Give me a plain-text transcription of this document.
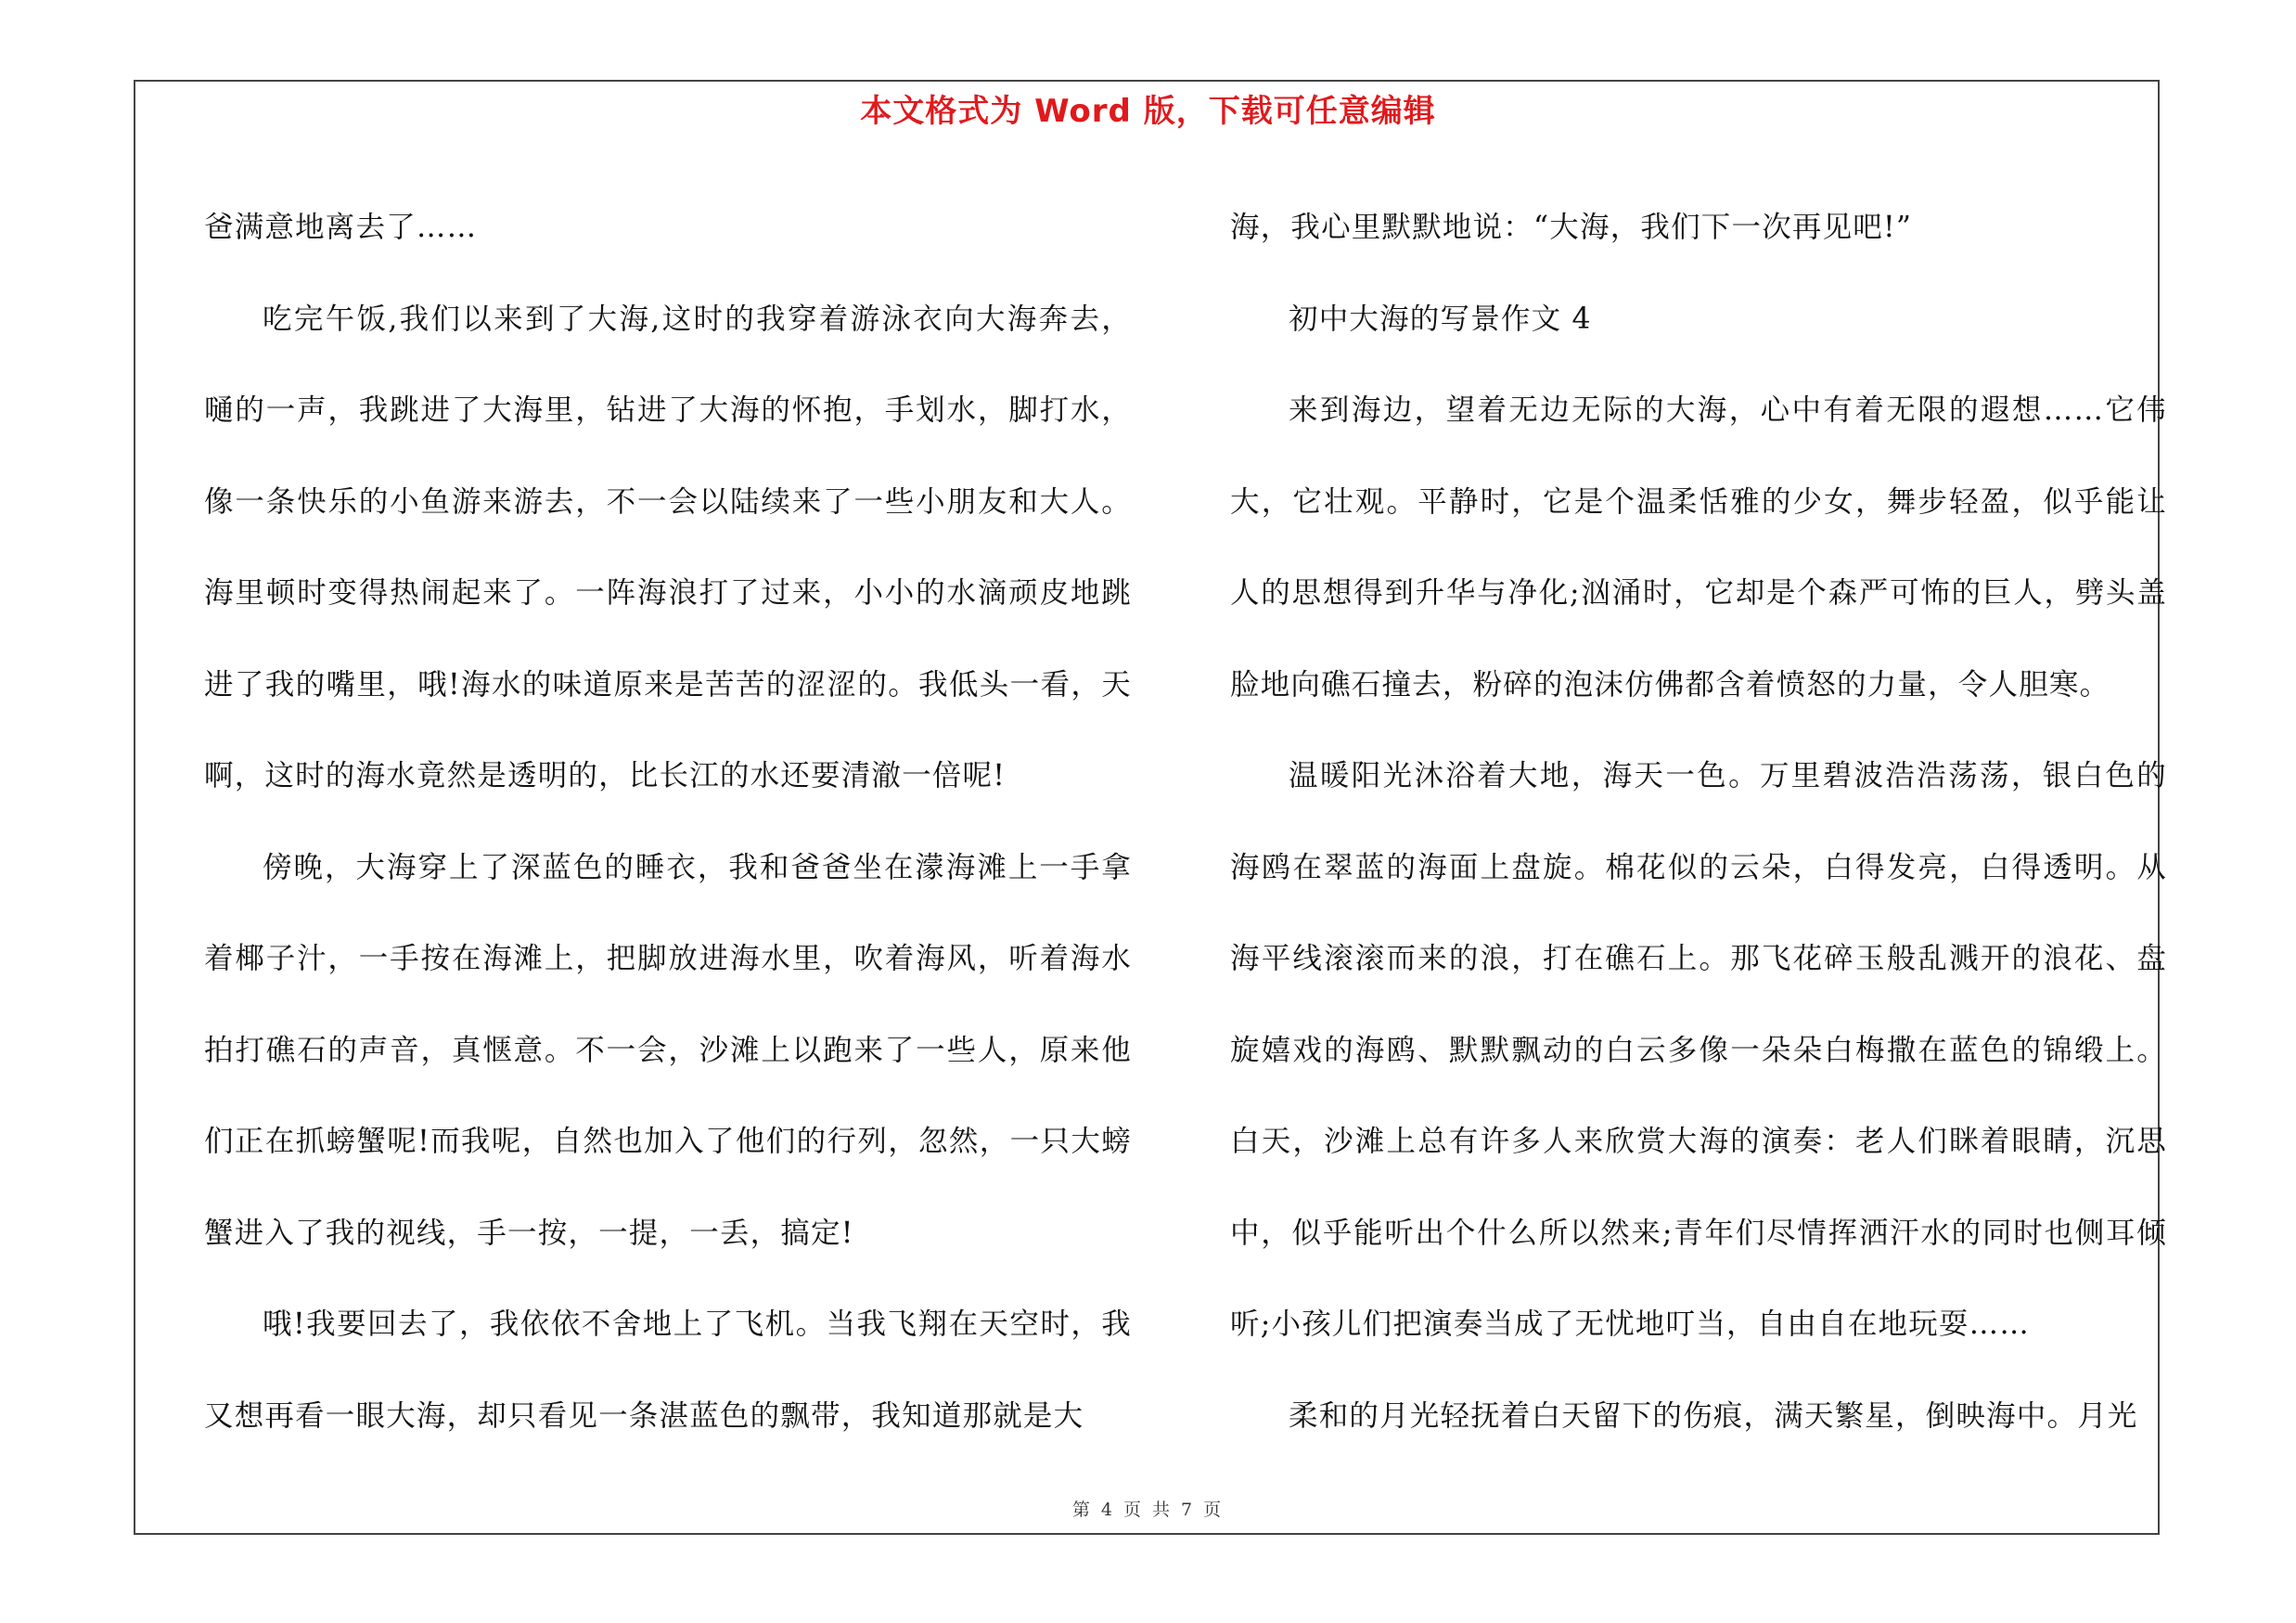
本文格式为 Word 版，下载可任意编辑

爸满意地离去了……

吃完午饭,我们以来到了大海,这时的我穿着游泳衣向大海奔去，嗵的一声，我跳进了大海里，钻进了大海的怀抱，手划水，脚打水，像一条快乐的小鱼游来游去，不一会以陆续来了一些小朋友和大人。海里顿时变得热闹起来了。一阵海浪打了过来，小小的水滴顽皮地跳进了我的嘴里，哦!海水的味道原来是苦苦的涩涩的。我低头一看，天啊，这时的海水竟然是透明的，比长江的水还要清澈一倍呢!

傍晚，大海穿上了深蓝色的睡衣，我和爸爸坐在濛海滩上一手拿着椰子汁，一手按在海滩上，把脚放进海水里，吹着海风，听着海水拍打礁石的声音，真惬意。不一会，沙滩上以跑来了一些人，原来他们正在抓螃蟹呢!而我呢，自然也加入了他们的行列，忽然，一只大螃蟹进入了我的视线，手一按，一提，一丢，搞定!

哦!我要回去了，我依依不舍地上了飞机。当我飞翔在天空时，我又想再看一眼大海，却只看见一条湛蓝色的飘带，我知道那就是大

海，我心里默默地说：“大海，我们下一次再见吧!”

初中大海的写景作文 4

来到海边，望着无边无际的大海，心中有着无限的遐想……它伟大，它壮观。平静时，它是个温柔恬雅的少女，舞步轻盈，似乎能让人的思想得到升华与净化;汹涌时，它却是个森严可怖的巨人，劈头盖脸地向礁石撞去，粉碎的泡沫仿佛都含着愤怒的力量，令人胆寒。

温暖阳光沐浴着大地，海天一色。万里碧波浩浩荡荡，银白色的海鸥在翠蓝的海面上盘旋。棉花似的云朵，白得发亮，白得透明。从海平线滚滚而来的浪，打在礁石上。那飞花碎玉般乱溅开的浪花、盘旋嬉戏的海鸥、默默飘动的白云多像一朵朵白梅撒在蓝色的锦缎上。白天，沙滩上总有许多人来欣赏大海的演奏：老人们眯着眼睛，沉思中，似乎能听出个什么所以然来;青年们尽情挥洒汗水的同时也侧耳倾听;小孩儿们把演奏当成了无忧地叮当，自由自在地玩耍……

柔和的月光轻抚着白天留下的伤痕，满天繁星，倒映海中。月光

第 4 页 共 7 页
